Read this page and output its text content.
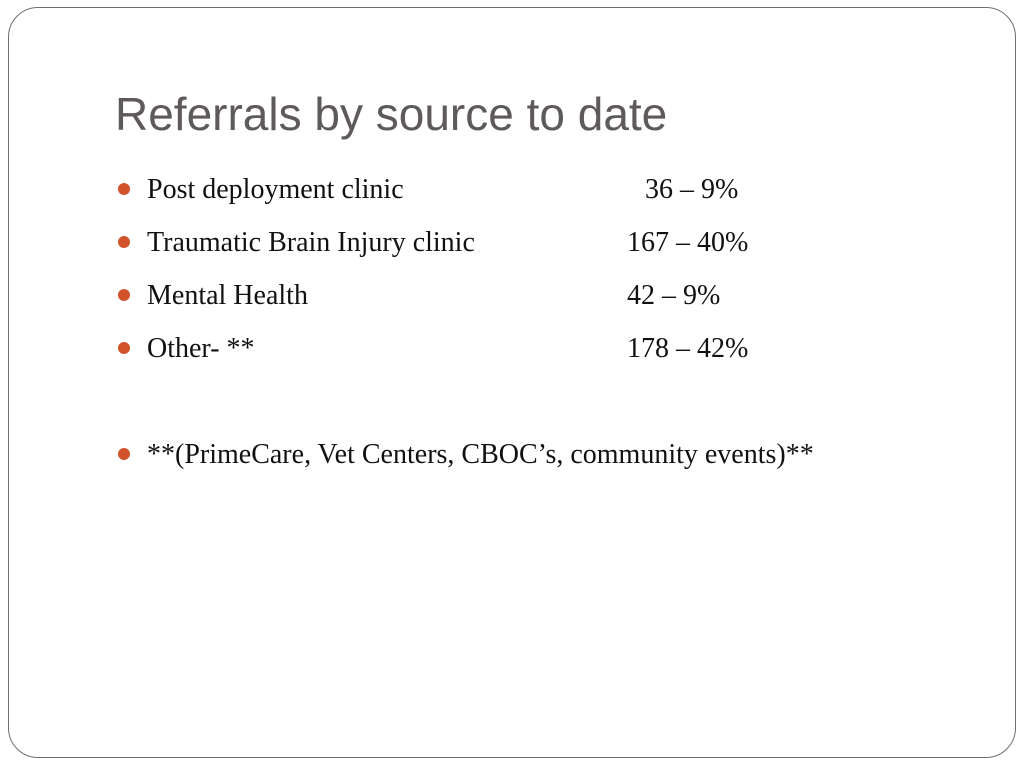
Referrals by source to date
Post deployment clinic	36 – 9%
Traumatic Brain Injury clinic	167 – 40%
Mental Health	42 – 9%
Other- **	178 – 42%
**(PrimeCare, Vet Centers, CBOC’s, community events)**
